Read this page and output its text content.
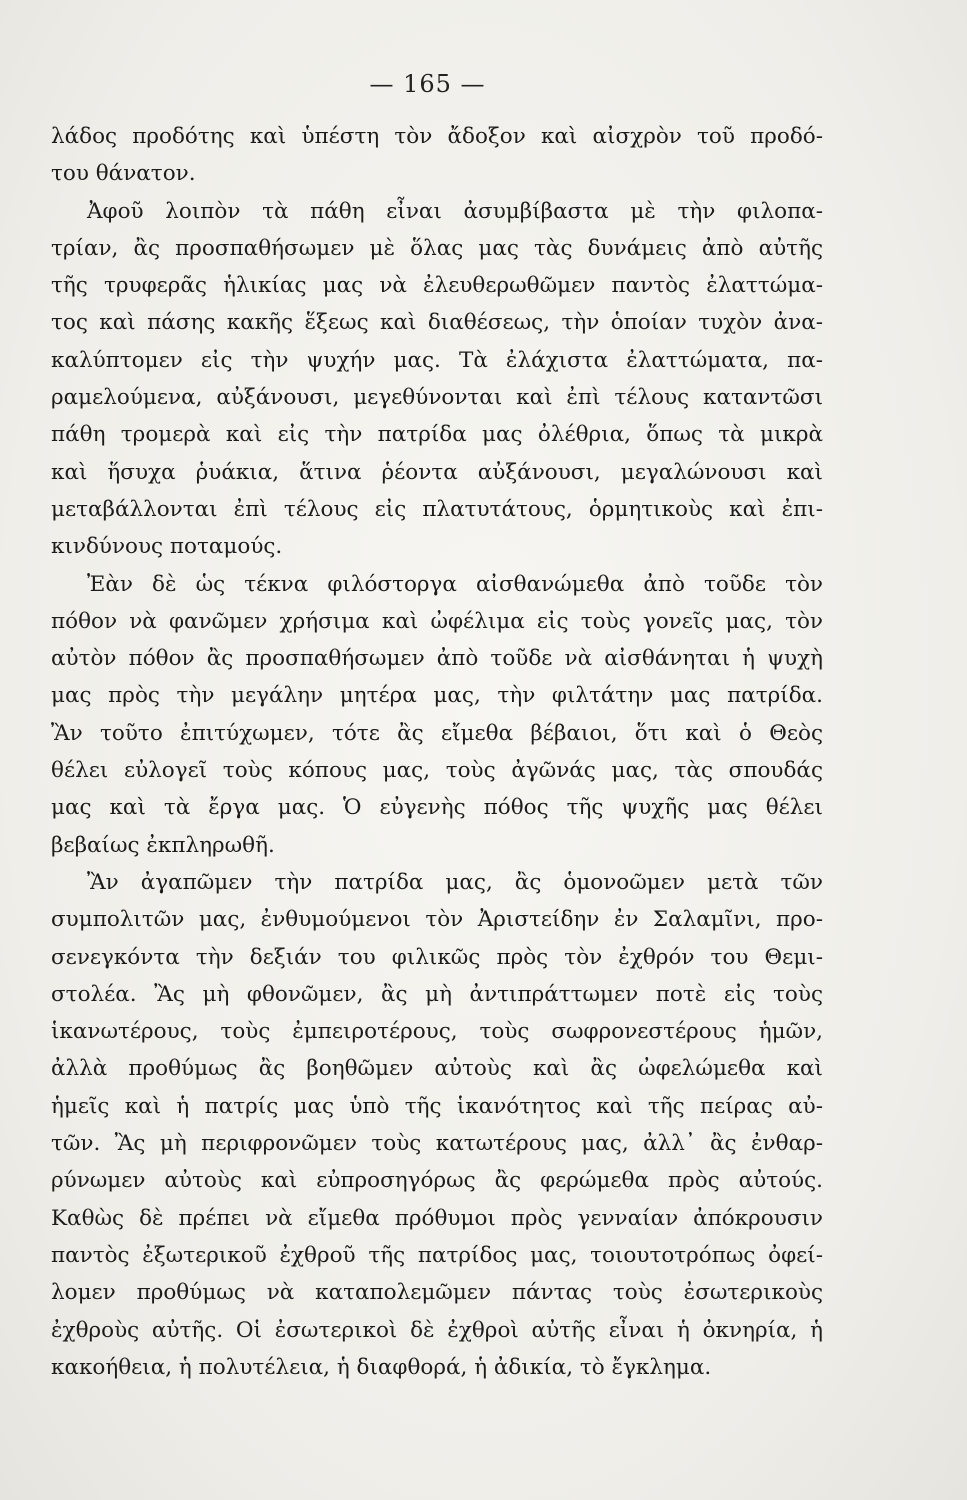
— 165 —
λάδος προδότης καὶ ὑπέστη τὸν ἄδοξον καὶ αἰσχρὸν τοῦ προδό-
του θάνατον.
Ἀφοῦ λοιπὸν τὰ πάθη εἶναι ἀσυμβίβαστα μὲ τὴν φιλοπα-
τρίαν, ἂς προσπαθήσωμεν μὲ ὅλας μας τὰς δυνάμεις ἀπὸ αὐτῆς
τῆς τρυφερᾶς ἡλικίας μας νὰ ἐλευθερωθῶμεν παντὸς ἐλαττώμα-
τος καὶ πάσης κακῆς ἕξεως καὶ διαθέσεως, τὴν ὁποίαν τυχὸν ἀνα-
καλύπτομεν εἰς τὴν ψυχήν μας. Τὰ ἐλάχιστα ἐλαττώματα, πα-
ραμελούμενα, αὐξάνουσι, μεγεθύνονται καὶ ἐπὶ τέλους καταντῶσι
πάθη τρομερὰ καὶ εἰς τὴν πατρίδα μας ὀλέθρια, ὅπως τὰ μικρὰ
καὶ ἥσυχα ῥυάκια, ἅτινα ῥέοντα αὐξάνουσι, μεγαλώνουσι καὶ
μεταβάλλονται ἐπὶ τέλους εἰς πλατυτάτους, ὁρμητικοὺς καὶ ἐπι-
κινδύνους ποταμούς.
Ἐὰν δὲ ὡς τέκνα φιλόστοργα αἰσθανώμεθα ἀπὸ τοῦδε τὸν
πόθον νὰ φανῶμεν χρήσιμα καὶ ὠφέλιμα εἰς τοὺς γονεῖς μας, τὸν
αὐτὸν πόθον ἂς προσπαθήσωμεν ἀπὸ τοῦδε νὰ αἰσθάνηται ἡ ψυχὴ
μας πρὸς τὴν μεγάλην μητέρα μας, τὴν φιλτάτην μας πατρίδα.
Ἂν τοῦτο ἐπιτύχωμεν, τότε ἂς εἴμεθα βέβαιοι, ὅτι καὶ ὁ Θεὸς
θέλει εὐλογεῖ τοὺς κόπους μας, τοὺς ἀγῶνάς μας, τὰς σπουδάς
μας καὶ τὰ ἔργα μας. Ὁ εὐγενὴς πόθος τῆς ψυχῆς μας θέλει
βεβαίως ἐκπληρωθῆ.
Ἂν ἀγαπῶμεν τὴν πατρίδα μας, ἂς ὁμονοῶμεν μετὰ τῶν
συμπολιτῶν μας, ἐνθυμούμενοι τὸν Ἀριστείδην ἐν Σαλαμῖνι, προ-
σενεγκόντα τὴν δεξιάν του φιλικῶς πρὸς τὸν ἐχθρόν του Θεμι-
στολέα. Ἂς μὴ φθονῶμεν, ἂς μὴ ἀντιπράττωμεν ποτὲ εἰς τοὺς
ἱκανωτέρους, τοὺς ἐμπειροτέρους, τοὺς σωφρονεστέρους ἡμῶν,
ἀλλὰ προθύμως ἂς βοηθῶμεν αὐτοὺς καὶ ἂς ὠφελώμεθα καὶ
ἡμεῖς καὶ ἡ πατρίς μας ὑπὸ τῆς ἱκανότητος καὶ τῆς πείρας αὐ-
τῶν. Ἂς μὴ περιφρονῶμεν τοὺς κατωτέρους μας, ἀλλ᾿ ἂς ἐνθαρ-
ρύνωμεν αὐτοὺς καὶ εὐπροσηγόρως ἂς φερώμεθα πρὸς αὐτούς.
Καθὼς δὲ πρέπει νὰ εἴμεθα πρόθυμοι πρὸς γενναίαν ἀπόκρουσιν
παντὸς ἐξωτερικοῦ ἐχθροῦ τῆς πατρίδος μας, τοιουτοτρόπως ὀφεί-
λομεν προθύμως νὰ καταπολεμῶμεν πάντας τοὺς ἐσωτερικοὺς
ἐχθροὺς αὐτῆς. Οἱ ἐσωτερικοὶ δὲ ἐχθροὶ αὐτῆς εἶναι ἡ ὀκνηρία, ἡ
κακοήθεια, ἡ πολυτέλεια, ἡ διαφθορά, ἡ ἀδικία, τὸ ἔγκλημα.
